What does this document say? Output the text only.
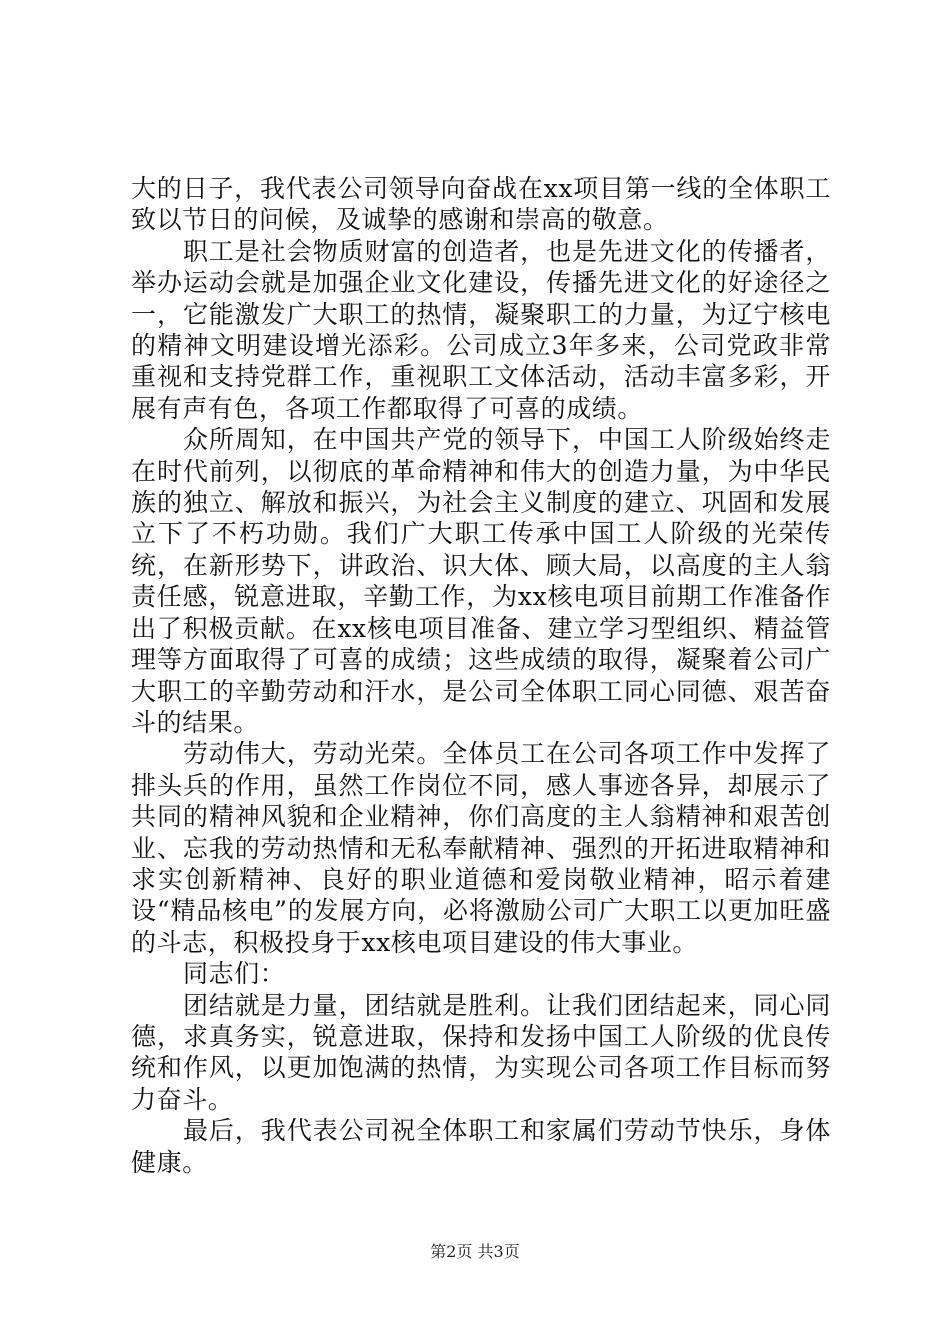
大的日子，我代表公司领导向奋战在xx项目第一线的全体职工致以节日的问候，及诚挚的感谢和崇高的敬意。

职工是社会物质财富的创造者，也是先进文化的传播者，举办运动会就是加强企业文化建设，传播先进文化的好途径之一，它能激发广大职工的热情，凝聚职工的力量，为辽宁核电的精神文明建设增光添彩。公司成立3年多来，公司党政非常重视和支持党群工作，重视职工文体活动，活动丰富多彩，开展有声有色，各项工作都取得了可喜的成绩。

众所周知，在中国共产党的领导下，中国工人阶级始终走在时代前列，以彻底的革命精神和伟大的创造力量，为中华民族的独立、解放和振兴，为社会主义制度的建立、巩固和发展立下了不朽功勋。我们广大职工传承中国工人阶级的光荣传统，在新形势下，讲政治、识大体、顾大局，以高度的主人翁责任感，锐意进取，辛勤工作，为xx核电项目前期工作准备作出了积极贡献。在xx核电项目准备、建立学习型组织、精益管理等方面取得了可喜的成绩；这些成绩的取得，凝聚着公司广大职工的辛勤劳动和汗水，是公司全体职工同心同德、艰苦奋斗的结果。

劳动伟大，劳动光荣。全体员工在公司各项工作中发挥了排头兵的作用，虽然工作岗位不同，感人事迹各异，却展示了共同的精神风貌和企业精神，你们高度的主人翁精神和艰苦创业、忘我的劳动热情和无私奉献精神、强烈的开拓进取精神和求实创新精神、良好的职业道德和爱岗敬业精神，昭示着建设“精品核电”的发展方向，必将激励公司广大职工以更加旺盛的斗志，积极投身于xx核电项目建设的伟大事业。

同志们：

团结就是力量，团结就是胜利。让我们团结起来，同心同德，求真务实，锐意进取，保持和发扬中国工人阶级的优良传统和作风，以更加饱满的热情，为实现公司各项工作目标而努力奋斗。

最后，我代表公司祝全体职工和家属们劳动节快乐，身体健康。

第2页 共3页
